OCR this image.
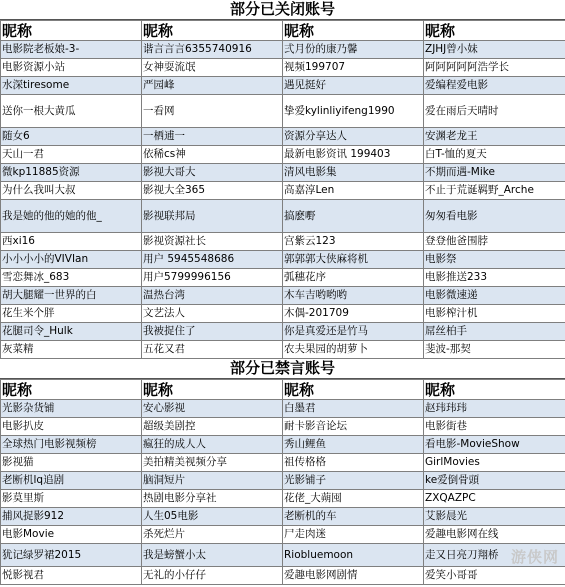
部分已关闭账号
昵称	昵称	昵称	昵称
电影院老板娘-3-	谐言言言6355740916	弍月份的康乃馨	ZJHJ曾小妹
电影资源小站	女神耍流氓	视频199707	阿阿阿阿阿浩学长
水深tiresome	严园峰	遇见挺好	爱编程爱电影
送你一根大黄瓜	一看网	挚爱kylinliyifeng1990	爱在雨后天晴时
随女6	一栖逋一	资源分享达人	安渊老龙王
天山一君	依稀cs神	最新电影资讯 199403	白T-恤的夏天
微kp11885资源	影视大哥大	清风电影集	不期而遇-Mike
为什么我叫大叔	影视大全365	高嘉淳Len	不止于荒诞羁野_Arche
我是她的他的她的他_	影视联邦局	搞麽嘢	匆匆看电影
西xi16	影视资源社长	宫紫云123	登登他爸围脖
小小小小的VIVIan	用户 5945548686	郭郭郭大侠麻将机	电影祭
雪恋舞冰_683	用户5799996156	弧穗花序	电影推送233
胡大腿耀一世界的白	温热台湾	木车吉哟哟哟	电影微速递
花生米个胖	文艺法人	木偶-201709	电影榨汁机
花腿司令_Hulk	我被捉住了	你是真爱还是竹马	屌丝柏手
灰菜精	五花又君	农夫果园的胡萝卜	斐波-那契
部分已禁言账号
昵称	昵称	昵称	昵称
光影杂货铺	安心影视	白墨君	赵玮玮玮
电影扒皮	超级美剧控	耐卡影音论坛	电影街巷
全球热门电影视频榜	瘋狂的成人人	秀山鲤鱼	看电影-MovieShow
影视猫	美拍精美视频分享	祖传格格	GirlMovies
老断机lq追剧	脑洞短片	光影铺子	ke爱倒骨頭
影莫里斯	热剧电影分享社	花佬_大蒴囤	ZXQAZPC
捕风捉影912	人生05电影	老断机的车	艾影晨光
电影Movie	杀死烂片	尸走肉迷	爱趣电影网在线
犹记绿罗裙2015	我是螃蟹小太	Riobluemoon	走又日亮刀翔桥
悦影视君	无礼的小仔仔	爱趣电影网剧情	爱笑小哥哥
游侠网
